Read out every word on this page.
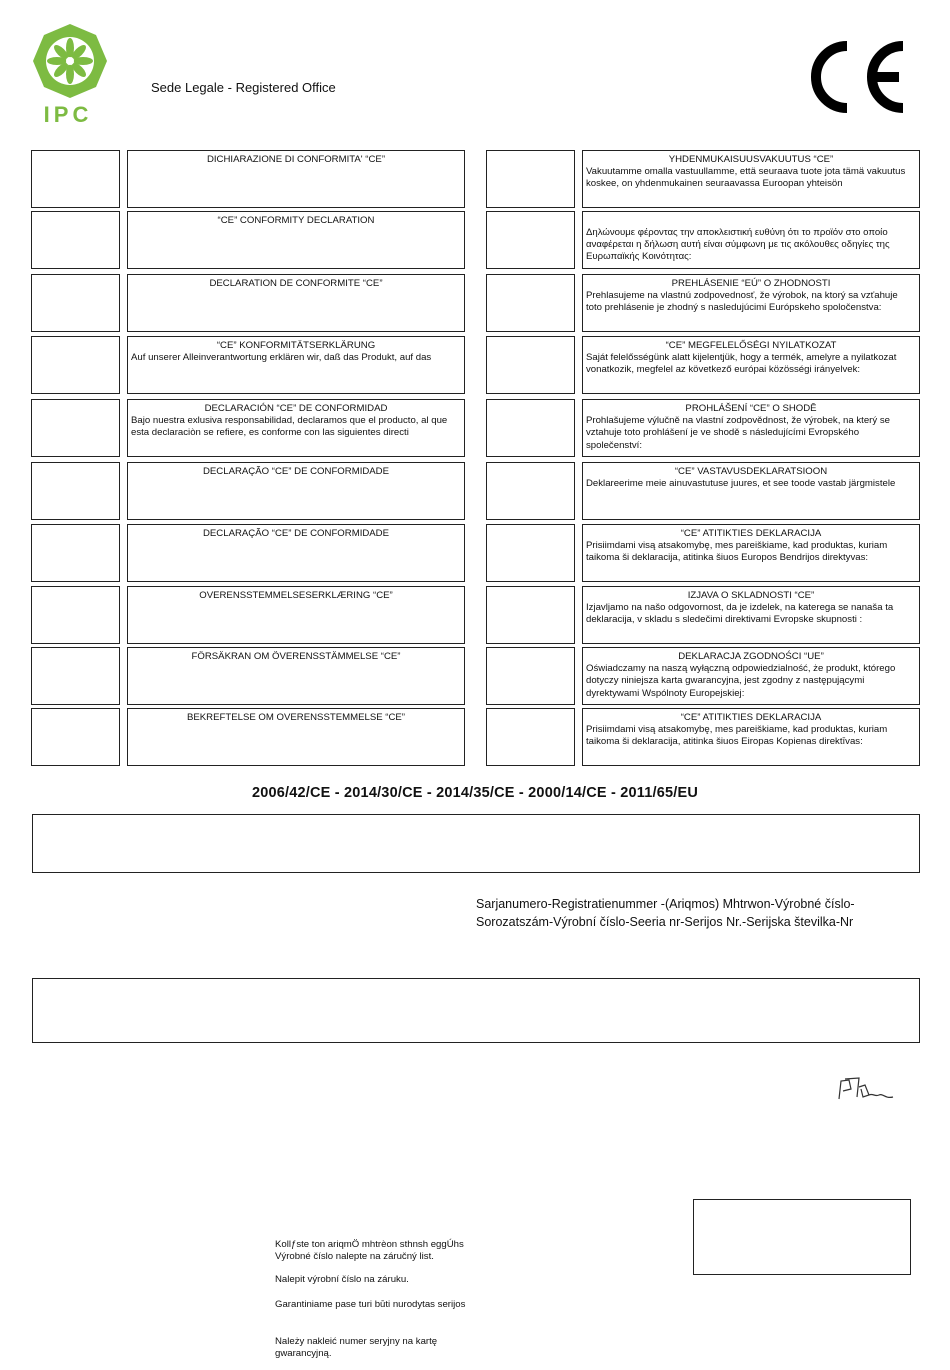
IPC
Sede Legale - Registered Office
DICHIARAZIONE DI CONFORMITA' “CE”
“CE” CONFORMITY DECLARATION
DECLARATION DE CONFORMITE “CE”
“CE” KONFORMITÄTSERKLÄRUNG
Auf unserer Alleinverantwortung erklären wir, daß das Produkt, auf das
DECLARACIÓN “CE” DE CONFORMIDAD
Bajo nuestra exlusiva responsabilidad, declaramos que el producto, al que esta declaraciòn se refiere, es conforme con las siguientes directi
DECLARAÇÃO “CE” DE CONFORMIDADE
DECLARAÇÃO “CE” DE CONFORMIDADE
OVERENSSTEMMELSESERKLÆRING “CE”
FÖRSÄKRAN OM ÖVERENSSTÄMMELSE “CE”
BEKREFTELSE OM OVERENSSTEMMELSE “CE”
YHDENMUKAISUUSVAKUUTUS “CE”
Vakuutamme omalla vastuullamme, että seuraava tuote jota tämä vakuutus koskee, on yhdenmukainen seuraavassa Euroopan yhteisön
Δηλώνουμε φέροντας την αποκλειστική ευθύνη ότι το προϊόν στο οποίο αναφέρεται η δήλωση αυτή είναι σύμφωνη με τις ακόλουθες οδηγίες της Ευρωπαϊκής Κοινότητας:
PREHLÁSENIE “EÚ” O ZHODNOSTI
Prehlasujeme na vlastnú zodpovednosť, že výrobok, na ktorý sa vzťahuje toto prehlásenie je zhodný s nasledujúcimi Európskeho spoločenstva:
“CE” MEGFELELŐSÉGI NYILATKOZAT
Saját felelősségünk alatt kijelentjük, hogy a termék, amelyre a nyilatkozat vonatkozik, megfelel az következő európai közösségi irányelvek:
PROHLÁŠENÍ “CE” O SHODĚ
Prohlašujeme výlučně na vlastní zodpovědnost, že výrobek, na který se vztahuje toto prohlášení je ve shodě s následujícími Evropského společenství:
“CE” VASTAVUSDEKLARATSIOON
Deklareerime meie ainuvastutuse juures, et see toode vastab järgmistele
“CE” ATITIKTIES DEKLARACIJA
Prisiimdami visą atsakomybę, mes pareiškiame, kad produktas, kuriam taikoma ši deklaracija, atitinka šiuos Europos Bendrijos direktyvas:
IZJAVA O SKLADNOSTI “CE”
Izjavljamo na našo odgovornost, da je izdelek, na katerega se nanaša ta deklaracija, v skladu s sledečimi direktivami Evropske skupnosti :
DEKLARACJA ZGODNOŚCI “UE”
Oświadczamy na naszą wyłączną odpowiedzialność, że produkt, którego dotyczy niniejsza karta gwarancyjna, jest zgodny z następującymi dyrektywami Wspólnoty Europejskiej:
“CE” ATITIKTIES DEKLARACIJA
Prisiimdami visą atsakomybę, mes pareiškiame, kad produktas, kuriam taikoma ši deklaracija, atitinka šiuos Eiropas Kopienas direktīvas:
2006/42/CE - 2014/30/CE - 2014/35/CE - 2000/14/CE - 2011/65/EU
Sarjanumero-Registratienummer -(Ariqmos) Mhtrwon-Výrobné číslo-
Sorozatszám-Výrobní číslo-Seeria nr-Serijos Nr.-Serijska številka-Nr
Kollƒste ton ariqmÖ mhtrèon sthnsh eggÚhs Výrobné číslo nalepte na záručný list.
Nalepit výrobní číslo na záruku.
Garantiniame pase turi būti nurodytas serijos
Należy nakleić numer seryjny na kartę gwarancyjną.
